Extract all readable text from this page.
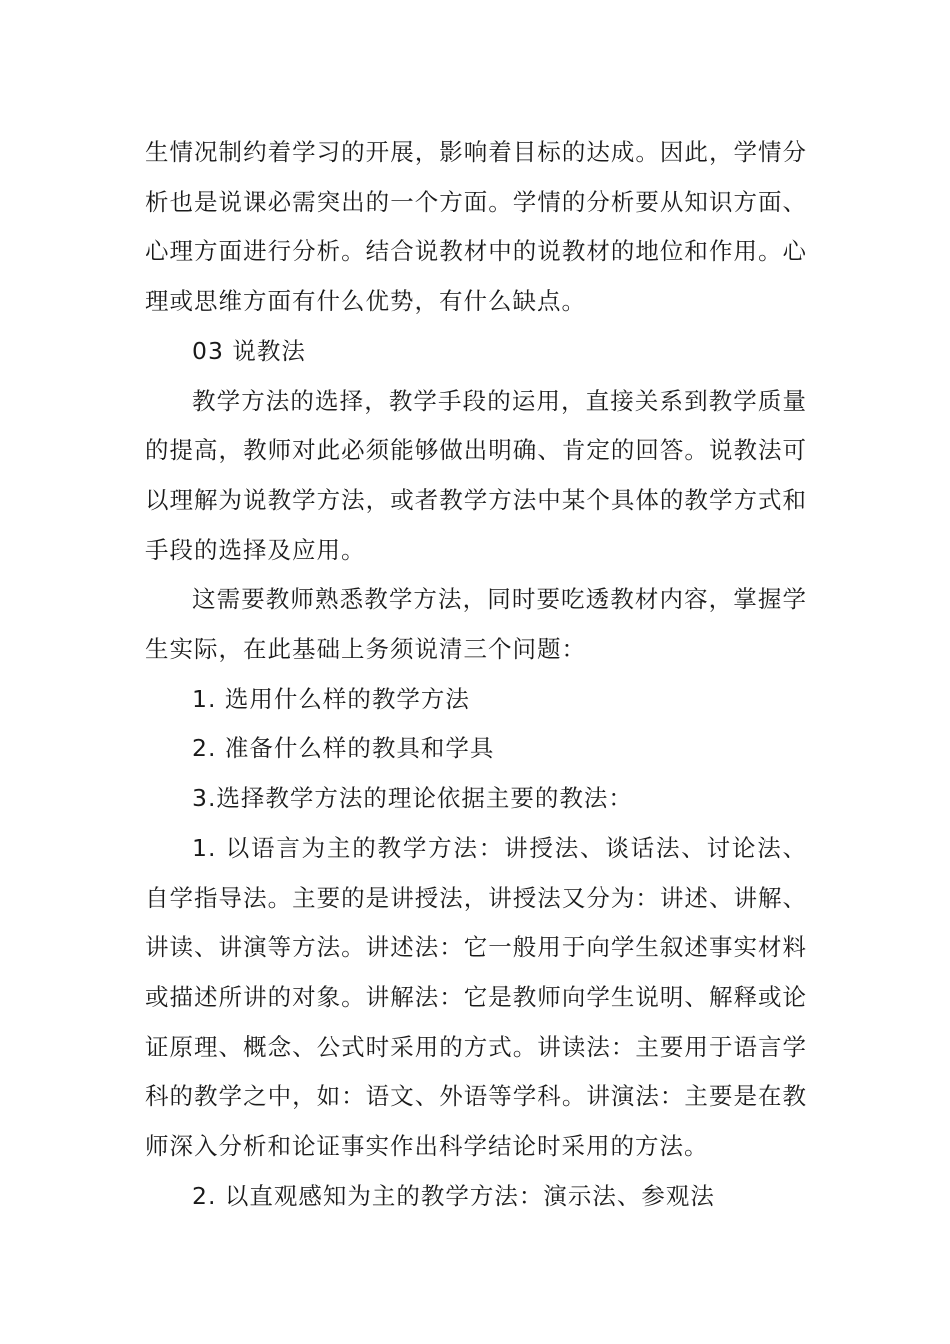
生情况制约着学习的开展，影响着目标的达成。因此，学情分析也是说课必需突出的一个方面。学情的分析要从知识方面、心理方面进行分析。结合说教材中的说教材的地位和作用。心理或思维方面有什么优势，有什么缺点。

03 说教法

教学方法的选择，教学手段的运用，直接关系到教学质量的提高，教师对此必须能够做出明确、肯定的回答。说教法可以理解为说教学方法，或者教学方法中某个具体的教学方式和手段的选择及应用。

这需要教师熟悉教学方法，同时要吃透教材内容，掌握学生实际，在此基础上务须说清三个问题：

1. 选用什么样的教学方法

2. 准备什么样的教具和学具

3.选择教学方法的理论依据主要的教法：

1. 以语言为主的教学方法：讲授法、谈话法、讨论法、自学指导法。主要的是讲授法，讲授法又分为：讲述、讲解、讲读、讲演等方法。讲述法：它一般用于向学生叙述事实材料或描述所讲的对象。讲解法：它是教师向学生说明、解释或论证原理、概念、公式时采用的方式。讲读法：主要用于语言学科的教学之中，如：语文、外语等学科。讲演法：主要是在教师深入分析和论证事实作出科学结论时采用的方法。

2. 以直观感知为主的教学方法：演示法、参观法
